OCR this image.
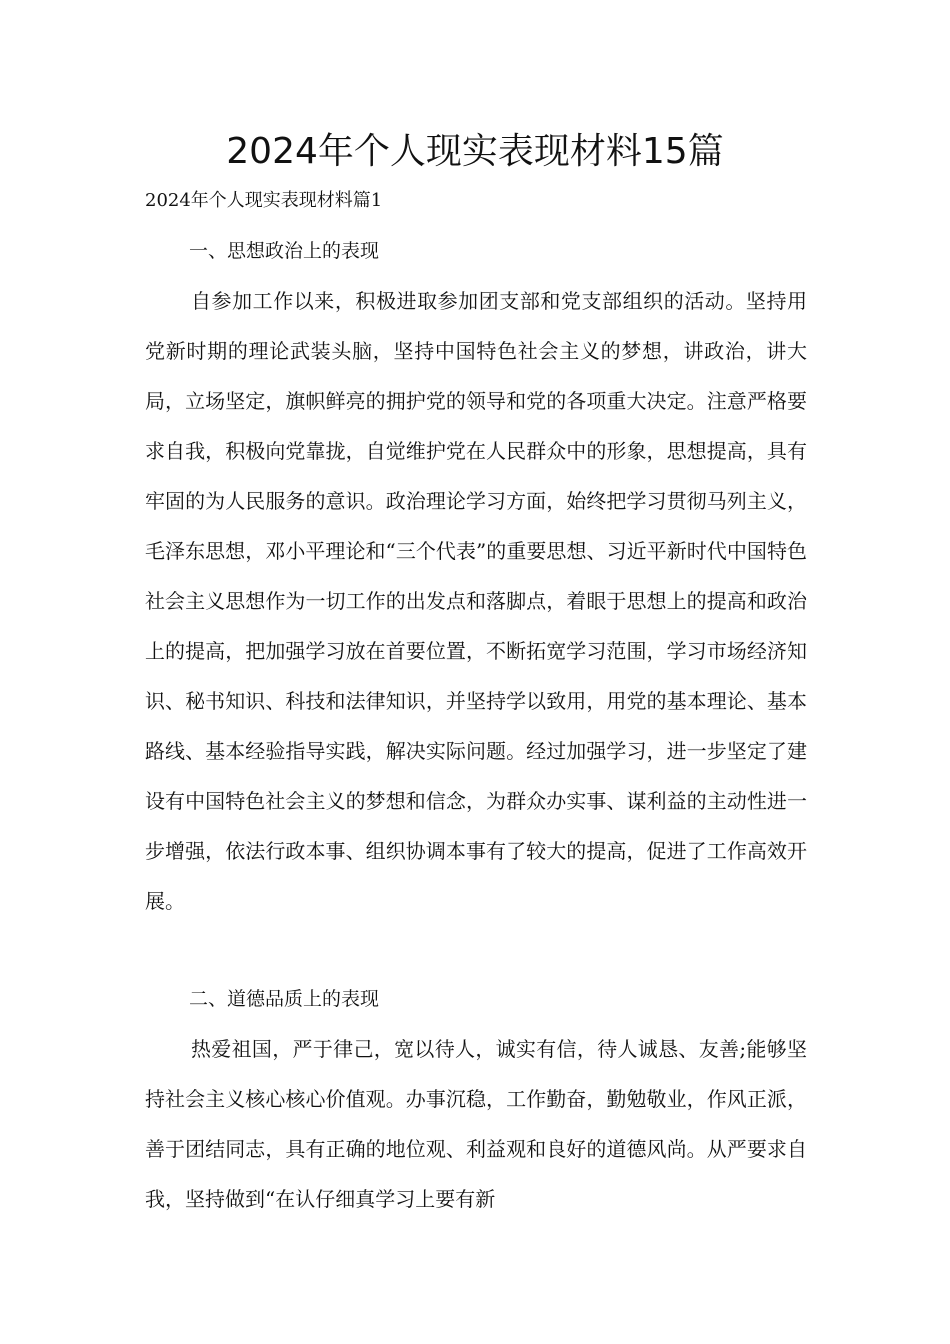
2024年个人现实表现材料15篇
2024年个人现实表现材料篇1
一、思想政治上的表现
自参加工作以来，积极进取参加团支部和党支部组织的活动。坚持用党新时期的理论武装头脑，坚持中国特色社会主义的梦想，讲政治，讲大局，立场坚定，旗帜鲜亮的拥护党的领导和党的各项重大决定。注意严格要求自我，积极向党靠拢，自觉维护党在人民群众中的形象，思想提高，具有牢固的为人民服务的意识。政治理论学习方面，始终把学习贯彻马列主义，毛泽东思想，邓小平理论和“三个代表”的重要思想、习近平新时代中国特色社会主义思想作为一切工作的出发点和落脚点，着眼于思想上的提高和政治上的提高，把加强学习放在首要位置，不断拓宽学习范围，学习市场经济知识、秘书知识、科技和法律知识，并坚持学以致用，用党的基本理论、基本路线、基本经验指导实践，解决实际问题。经过加强学习，进一步坚定了建设有中国特色社会主义的梦想和信念，为群众办实事、谋利益的主动性进一步增强，依法行政本事、组织协调本事有了较大的提高，促进了工作高效开展。
二、道德品质上的表现
热爱祖国，严于律己，宽以待人，诚实有信，待人诚恳、友善;能够坚持社会主义核心核心价值观。办事沉稳，工作勤奋，勤勉敬业，作风正派，善于团结同志，具有正确的地位观、利益观和良好的道德风尚。从严要求自我，坚持做到“在认仔细真学习上要有新
